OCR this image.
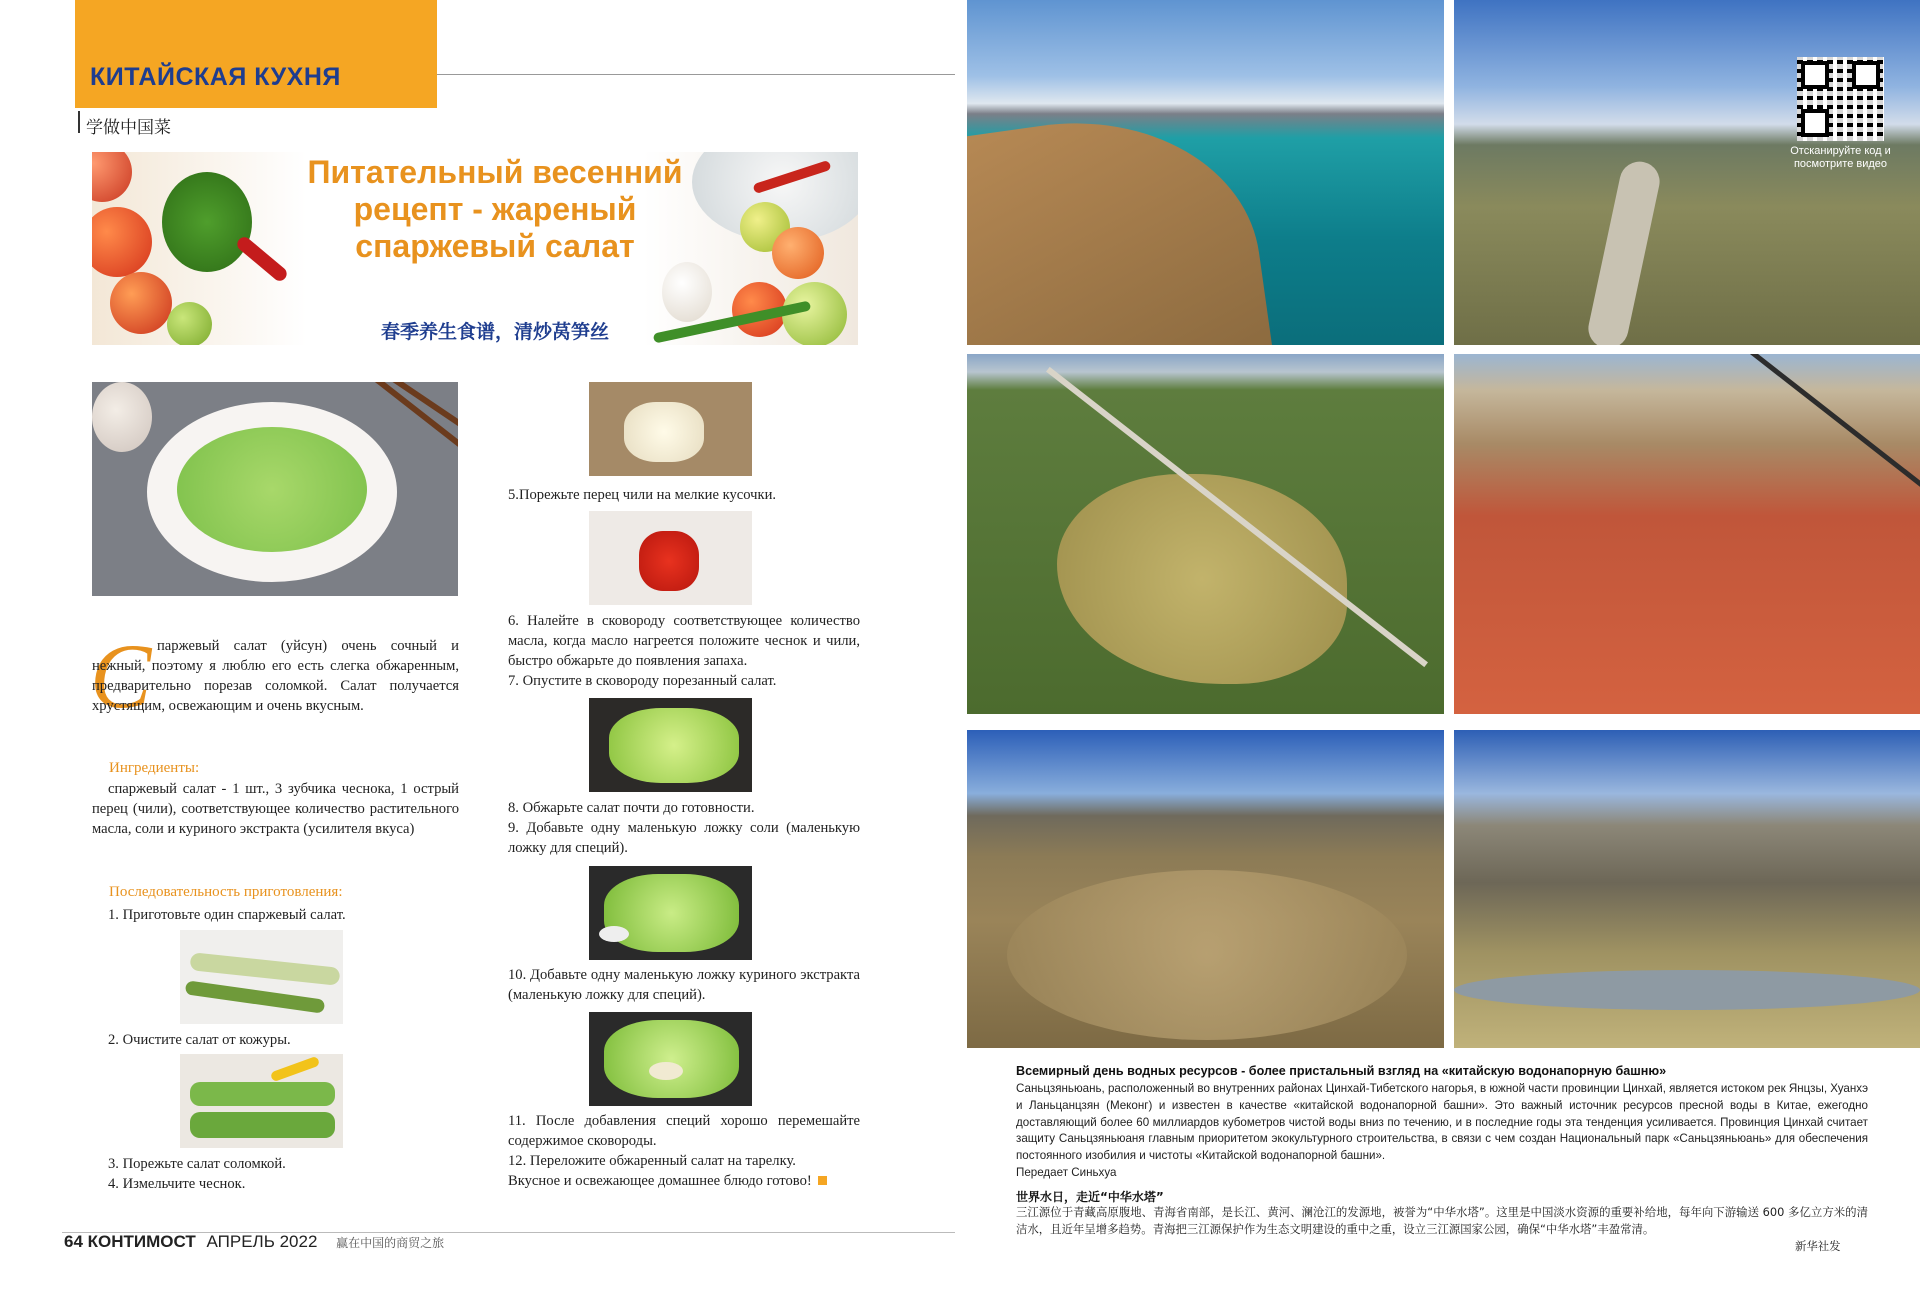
КИТАЙСКАЯ КУХНЯ
学做中国菜
Питательный весенний рецепт - жареный спаржевый салат
春季养生食谱，清炒莴笋丝
С паржевый салат (уйсун) очень сочный и нежный, поэтому я люблю его есть слегка обжаренным, предварительно порезав соломкой. Салат получается хрустящим, освежающим и очень вкусным.
Ингредиенты:
спаржевый салат - 1 шт., 3 зубчика чеснока, 1 острый перец (чили), соответствующее количество растительного масла, соли и куриного экстракта (усилителя вкуса)
Последовательность приготовления:
1. Приготовьте один спаржевый салат.
2. Очистите салат от кожуры.
3. Порежьте салат соломкой.
4. Измельчите чеснок.
5.Порежьте перец чили на мелкие кусочки.
6. Налейте в сковороду соответствующее количество масла, когда масло нагреется положите чеснок и чили, быстро обжарьте до появления запаха.
7. Опустите в сковороду порезанный салат.
8. Обжарьте салат почти до готовности.
9. Добавьте одну маленькую ложку соли (маленькую ложку для специй).
10. Добавьте одну маленькую ложку куриного экстракта (маленькую ложку для специй).
11. После добавления специй хорошо перемешайте содержимое сковороды.
12. Переложите обжаренный салат на тарелку.
Вкусное и освежающее домашнее блюдо готово!
64 КОНТИМОСТ АПРЕЛЬ 2022 赢在中国的商贸之旅
Отсканируйте код и посмотрите видео
Всемирный день водных ресурсов - более пристальный взгляд на «китайскую водонапорную башню»
Саньцзяньюань, расположенный во внутренних районах Цинхай-Тибетского нагорья, в южной части провинции Цинхай, является истоком рек Янцзы, Хуанхэ и Ланьцанцзян (Меконг) и известен в качестве «китайской водонапорной башни». Это важный источник ресурсов пресной воды в Китае, ежегодно доставляющий более 60 миллиардов кубометров чистой воды вниз по течению, и в последние годы эта тенденция усиливается. Провинция Цинхай считает защиту Саньцзяньюаня главным приоритетом экокультурного строительства, в связи с чем создан Национальный парк «Саньцзяньюань» для обеспечения постоянного изобилия и чистоты «Китайской водонапорной башни».
Передает Синьхуа
世界水日，走近“中华水塔”
三江源位于青藏高原腹地、青海省南部，是长江、黄河、澜沧江的发源地，被誉为“中华水塔”。这里是中国淡水资源的重要补给地，每年向下游输送 600 多亿立方米的清洁水，且近年呈增多趋势。青海把三江源保护作为生态文明建设的重中之重，设立三江源国家公园，确保“中华水塔”丰盈常清。
新华社发
